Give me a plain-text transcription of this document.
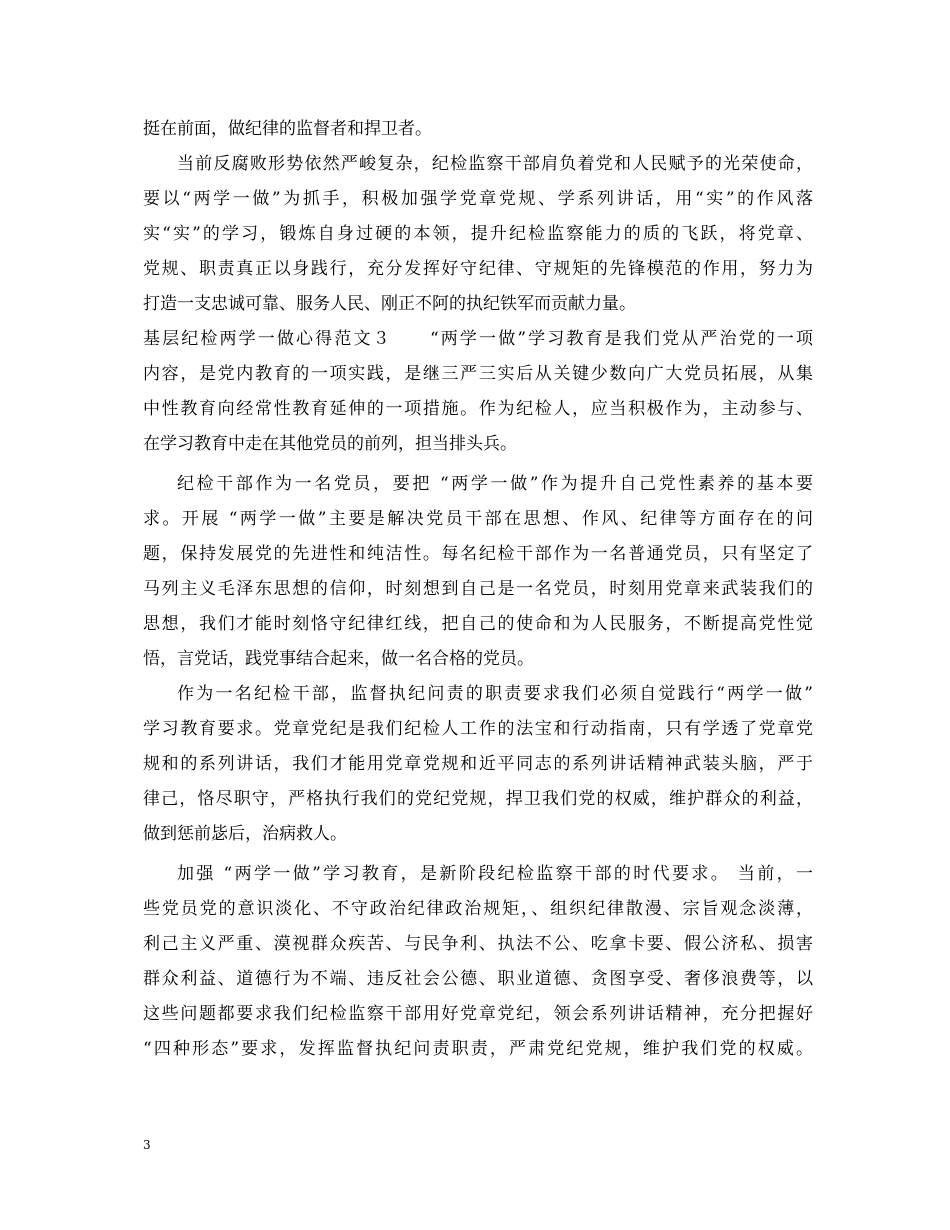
挺在前面，做纪律的监督者和捍卫者。
当前反腐败形势依然严峻复杂，纪检监察干部肩负着党和人民赋予的光荣使命，
要以“两学一做”为抓手，积极加强学党章党规、学系列讲话，用“实”的作风落
实“实”的学习，锻炼自身过硬的本领，提升纪检监察能力的质的飞跃，将党章、
党规、职责真正以身践行，充分发挥好守纪律、守规矩的先锋模范的作用，努力为
打造一支忠诚可靠、服务人民、刚正不阿的执纪铁军而贡献力量。
基层纪检两学一做心得范文３　　“两学一做”学习教育是我们党从严治党的一项
内容，是党内教育的一项实践，是继三严三实后从关键少数向广大党员拓展，从集
中性教育向经常性教育延伸的一项措施。作为纪检人，应当积极作为，主动参与、
在学习教育中走在其他党员的前列，担当排头兵。
纪检干部作为一名党员，要把 “两学一做”作为提升自己党性素养的基本要
求。开展 “两学一做”主要是解决党员干部在思想、作风、纪律等方面存在的问
题，保持发展党的先进性和纯洁性。每名纪检干部作为一名普通党员，只有坚定了
马列主义毛泽东思想的信仰，时刻想到自己是一名党员，时刻用党章来武装我们的
思想，我们才能时刻恪守纪律红线，把自己的使命和为人民服务，不断提高党性觉
悟，言党话，践党事结合起来，做一名合格的党员。
作为一名纪检干部，监督执纪问责的职责要求我们必须自觉践行“两学一做”
学习教育要求。党章党纪是我们纪检人工作的法宝和行动指南，只有学透了党章党
规和的系列讲话，我们才能用党章党规和近平同志的系列讲话精神武装头脑，严于
律己，恪尽职守，严格执行我们的党纪党规，捍卫我们党的权威，维护群众的利益，
做到惩前毖后，治病救人。
加强 “两学一做”学习教育，是新阶段纪检监察干部的时代要求。 当前，一
些党员党的意识淡化、不守政治纪律政治规矩，、组织纪律散漫、宗旨观念淡薄，
利己主义严重、漠视群众疾苦、与民争利、执法不公、吃拿卡要、假公济私、损害
群众利益、道德行为不端、违反社会公德、职业道德、贪图享受、奢侈浪费等，以
这些问题都要求我们纪检监察干部用好党章党纪，领会系列讲话精神，充分把握好
“四种形态”要求，发挥监督执纪问责职责，严肃党纪党规，维护我们党的权威。
3
